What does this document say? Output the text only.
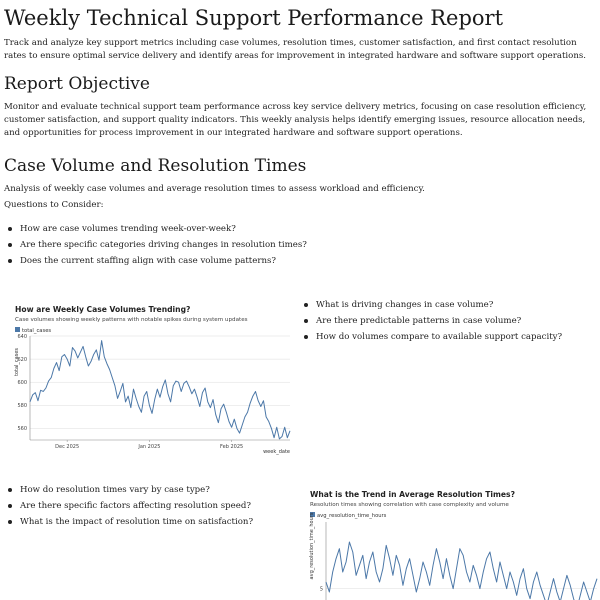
Weekly Technical Support Performance Report

Track and analyze key support metrics including case volumes, resolution times, customer satisfaction, and first contact resolution rates to ensure optimal service delivery and identify areas for improvement in integrated hardware and software support operations.

Report Objective

Monitor and evaluate technical support team performance across key service delivery metrics, focusing on case resolution efficiency, customer satisfaction, and support quality indicators. This weekly analysis helps identify emerging issues, resource allocation needs, and opportunities for process improvement in our integrated hardware and software support operations.

Case Volume and Resolution Times

Analysis of weekly case volumes and average resolution times to assess workload and efficiency.

Questions to Consider:

How are case volumes trending week-over-week?
Are there specific categories driving changes in resolution times?
Does the current staffing align with case volume patterns?
How are Weekly Case Volumes Trending?
Case volumes showing weekly patterns with notable spikes during system updates
total_cases
total_cases
week_date
560
580
600
620
640
Dec 2025	Jan 2025	Feb 2025
What is driving changes in case volume?
Are there predictable patterns in case volume?
How do volumes compare to available support capacity?
How do resolution times vary by case type?
Are there specific factors affecting resolution speed?
What is the impact of resolution time on satisfaction?
What is the Trend in Average Resolution Times?
Resolution times showing correlation with case complexity and volume
avg_resolution_time_hours
avg_resolution_time_hours
5
